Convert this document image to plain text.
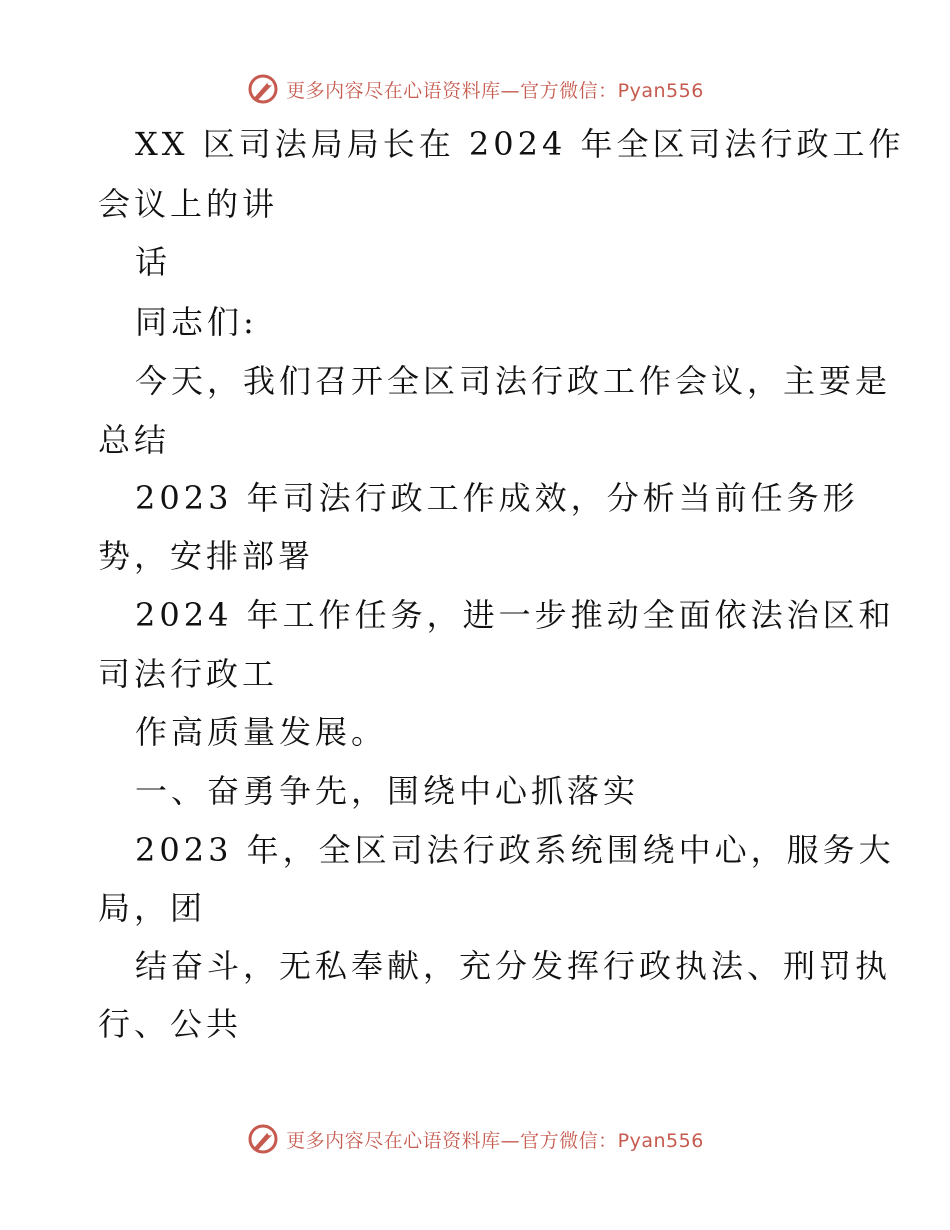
更多内容尽在心语资料库—官方微信：Pyan556
XX 区司法局局长在 2024 年全区司法行政工作
会议上的讲
话
同志们:
今天，我们召开全区司法行政工作会议，主要是
总结
2023 年司法行政工作成效，分析当前任务形
势，安排部署
2024 年工作任务，进一步推动全面依法治区和
司法行政工
作高质量发展。
一、奋勇争先，围绕中心抓落实
2023 年，全区司法行政系统围绕中心，服务大
局，团
结奋斗，无私奉献，充分发挥行政执法、刑罚执
行、公共
更多内容尽在心语资料库—官方微信：Pyan556
